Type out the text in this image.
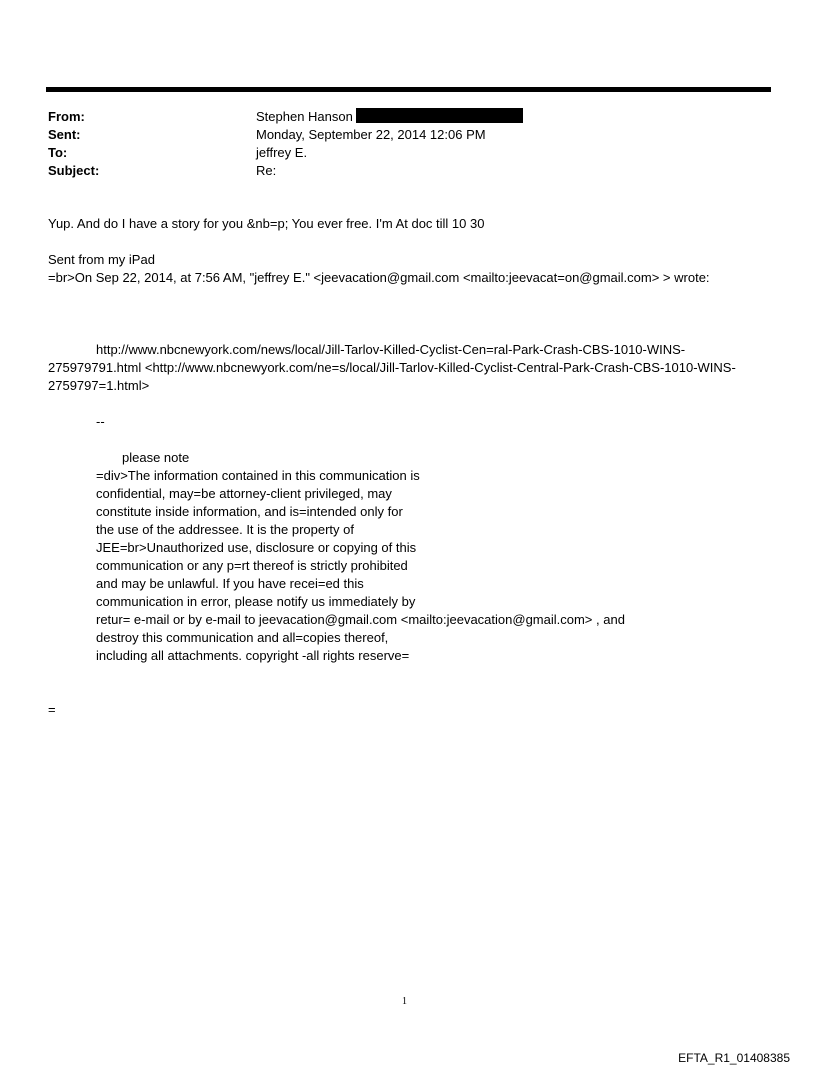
From:	Stephen Hanson
Sent:	Monday, September 22, 2014 12:06 PM
To:	jeffrey E.
Subject:	Re:
Yup. And do I have a story for you &nb=p; You ever free. I'm At doc till 10 30
Sent from my iPad
=br>On Sep 22, 2014, at 7:56 AM, "jeffrey E." <jeevacation@gmail.com <mailto:jeevacat=on@gmail.com> > wrote:
http://www.nbcnewyork.com/news/local/Jill-Tarlov-Killed-Cyclist-Cen=ral-Park-Crash-CBS-1010-WINS-
275979791.html <http://www.nbcnewyork.com/ne=s/local/Jill-Tarlov-Killed-Cyclist-Central-Park-Crash-CBS-1010-WINS-
2759797=1.html>
--
please note
=div>The information contained in this communication is
confidential, may=be attorney-client privileged, may
constitute inside information, and is=intended only for
the use of the addressee. It is the property of
JEE=br>Unauthorized use, disclosure or copying of this
communication or any p=rt thereof is strictly prohibited
and may be unlawful. If you have recei=ed this
communication in error, please notify us immediately by
retur= e-mail or by e-mail to jeevacation@gmail.com <mailto:jeevacation@gmail.com> , and
destroy this communication and all=copies thereof,
including all attachments. copyright -all rights reserve=
=
1
EFTA_R1_01408385
